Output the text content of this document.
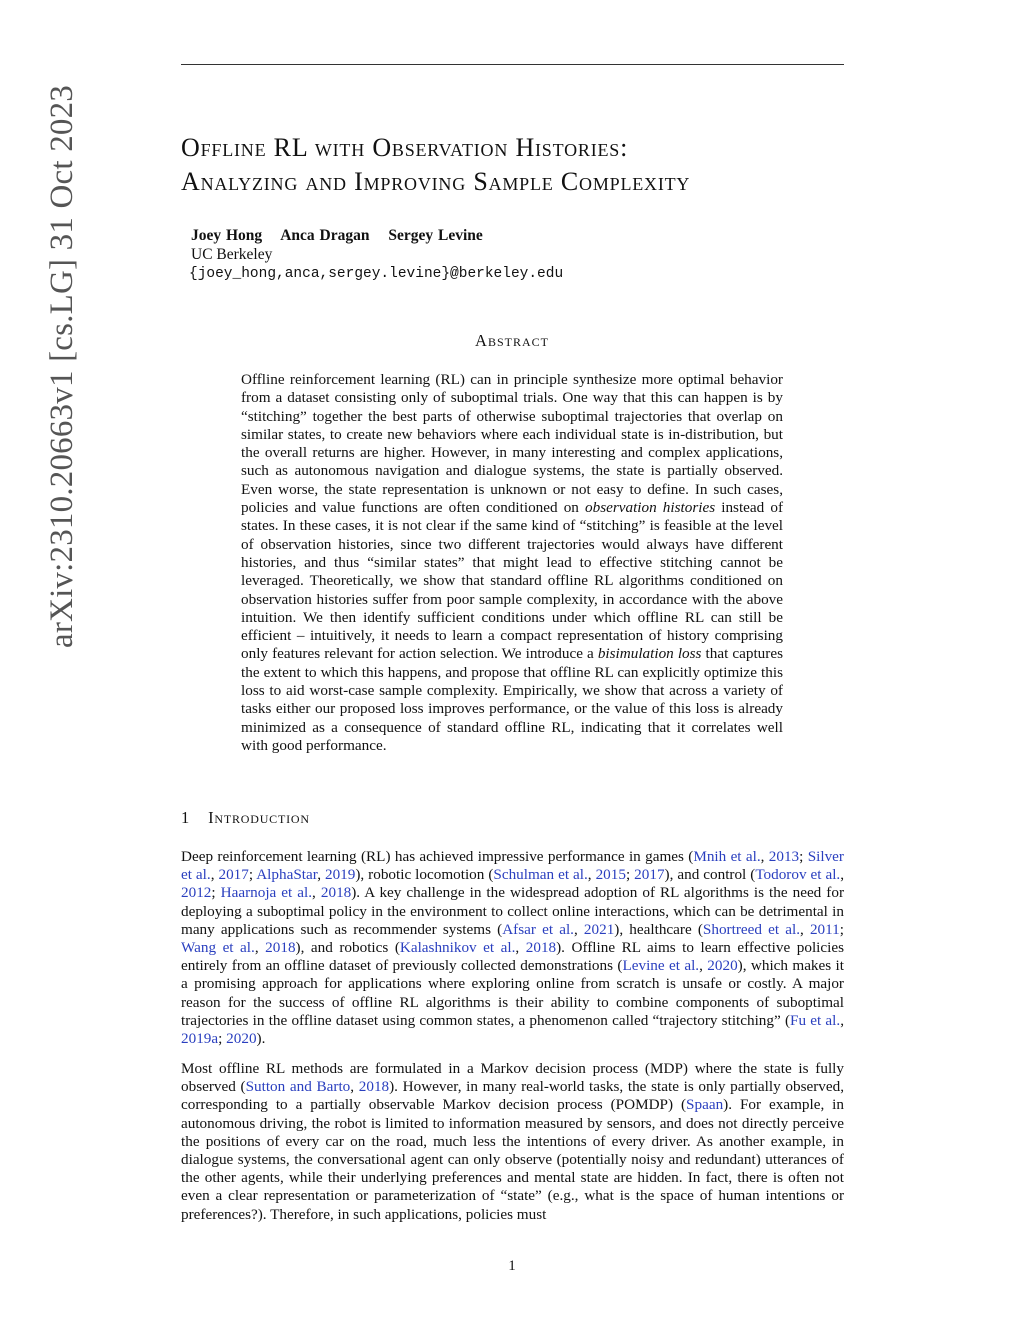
arXiv:2310.20663v1 [cs.LG] 31 Oct 2023	Offline RL with Observation Histories:
Analyzing and Improving Sample Complexity
Joey Hong Anca Dragan Sergey Levine
UC Berkeley
{joey_hong,anca,sergey.levine}@berkeley.edu
Abstract

Offline reinforcement learning (RL) can in principle synthesize more optimal behavior from a dataset consisting only of suboptimal trials. One way that this can happen is by “stitching” together the best parts of otherwise suboptimal trajectories that overlap on similar states, to create new behaviors where each individual state is in-distribution, but the overall returns are higher. However, in many interesting and complex applications, such as autonomous navigation and dialogue systems, the state is partially observed. Even worse, the state representation is unknown or not easy to define. In such cases, policies and value functions are often conditioned on observation histories instead of states. In these cases, it is not clear if the same kind of “stitching” is feasible at the level of observation histories, since two different trajectories would always have different histories, and thus “similar states” that might lead to effective stitching cannot be leveraged. Theoretically, we show that standard offline RL algorithms conditioned on observation histories suffer from poor sample complexity, in accordance with the above intuition. We then identify sufficient conditions under which offline RL can still be efficient – intuitively, it needs to learn a compact representation of history comprising only features relevant for action selection. We introduce a bisimulation loss that captures the extent to which this happens, and propose that offline RL can explicitly optimize this loss to aid worst-case sample complexity. Empirically, we show that across a variety of tasks either our proposed loss improves performance, or the value of this loss is already minimized as a consequence of standard offline RL, indicating that it correlates well with good performance.

1 Introduction

Deep reinforcement learning (RL) has achieved impressive performance in games (Mnih et al., 2013; Silver et al., 2017; AlphaStar, 2019), robotic locomotion (Schulman et al., 2015; 2017), and control (Todorov et al., 2012; Haarnoja et al., 2018). A key challenge in the widespread adoption of RL algorithms is the need for deploying a suboptimal policy in the environment to collect online interactions, which can be detrimental in many applications such as recommender systems (Afsar et al., 2021), healthcare (Shortreed et al., 2011; Wang et al., 2018), and robotics (Kalashnikov et al., 2018). Offline RL aims to learn effective policies entirely from an offline dataset of previously collected demonstrations (Levine et al., 2020), which makes it a promising approach for applications where exploring online from scratch is unsafe or costly. A major reason for the success of offline RL algorithms is their ability to combine components of suboptimal trajectories in the offline dataset using common states, a phenomenon called “trajectory stitching” (Fu et al., 2019a; 2020).

Most offline RL methods are formulated in a Markov decision process (MDP) where the state is fully observed (Sutton and Barto, 2018). However, in many real-world tasks, the state is only partially observed, corresponding to a partially observable Markov decision process (POMDP) (Spaan). For example, in autonomous driving, the robot is limited to information measured by sensors, and does not directly perceive the positions of every car on the road, much less the intentions of every driver. As another example, in dialogue systems, the conversational agent can only observe (potentially noisy and redundant) utterances of the other agents, while their underlying preferences and mental state are hidden. In fact, there is often not even a clear representation or parameterization of “state” (e.g., what is the space of human intentions or preferences?). Therefore, in such applications, policies must

1
